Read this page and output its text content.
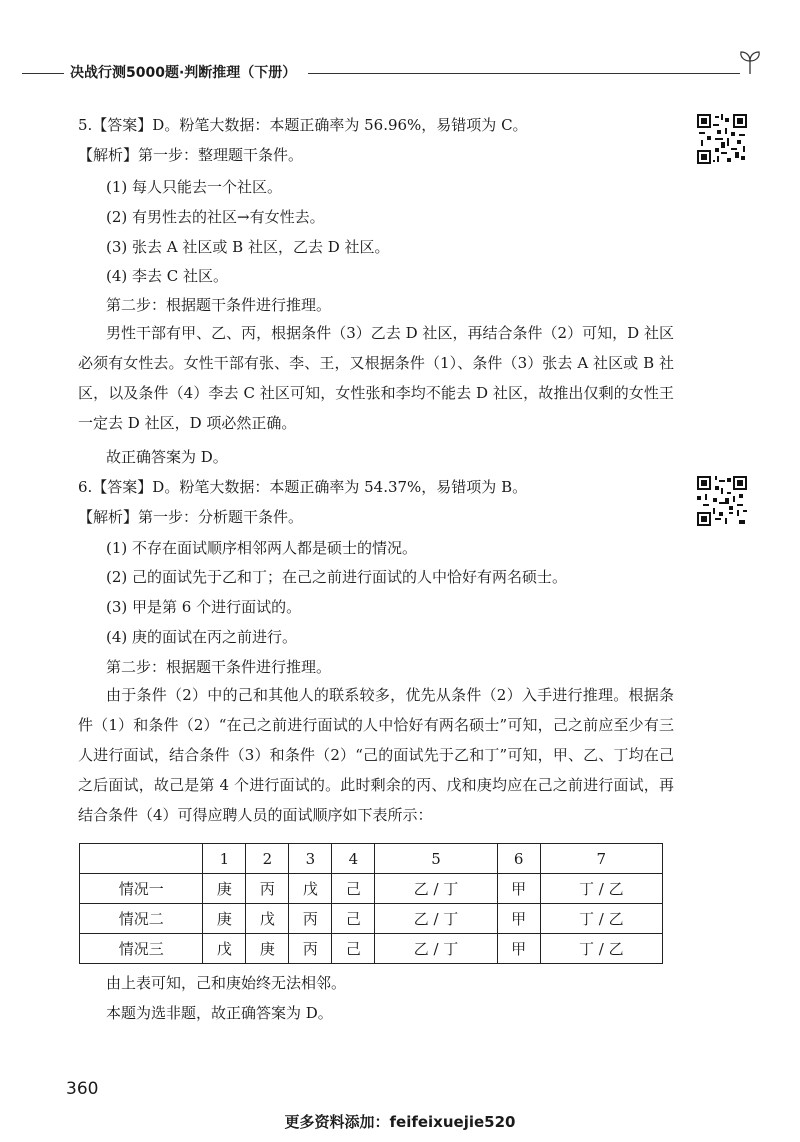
决战行测5000题·判断推理（下册）

5.【答案】D。粉笔大数据：本题正确率为 56.96%，易错项为 C。

【解析】第一步：整理题干条件。

(1) 每人只能去一个社区。

(2) 有男性去的社区→有女性去。

(3) 张去 A 社区或 B 社区，乙去 D 社区。

(4) 李去 C 社区。

第二步：根据题干条件进行推理。

男性干部有甲、乙、丙，根据条件（3）乙去 D 社区，再结合条件（2）可知，D 社区必须有女性去。女性干部有张、李、王，又根据条件（1）、条件（3）张去 A 社区或 B 社区，以及条件（4）李去 C 社区可知，女性张和李均不能去 D 社区，故推出仅剩的女性王一定去 D 社区，D 项必然正确。

故正确答案为 D。

6.【答案】D。粉笔大数据：本题正确率为 54.37%，易错项为 B。

【解析】第一步：分析题干条件。

(1) 不存在面试顺序相邻两人都是硕士的情况。

(2) 己的面试先于乙和丁；在己之前进行面试的人中恰好有两名硕士。

(3) 甲是第 6 个进行面试的。

(4) 庚的面试在丙之前进行。

第二步：根据题干条件进行推理。

由于条件（2）中的己和其他人的联系较多，优先从条件（2）入手进行推理。根据条件（1）和条件（2）“在己之前进行面试的人中恰好有两名硕士”可知，己之前应至少有三人进行面试，结合条件（3）和条件（2）“己的面试先于乙和丁”可知，甲、乙、丁均在己之后面试，故己是第 4 个进行面试的。此时剩余的丙、戊和庚均应在己之前进行面试，再结合条件（4）可得应聘人员的面试顺序如下表所示：

	1	2	3	4	5	6	7
情况一	庚	丙	戊	己	乙 / 丁	甲	丁 / 乙
情况二	庚	戊	丙	己	乙 / 丁	甲	丁 / 乙
情况三	戊	庚	丙	己	乙 / 丁	甲	丁 / 乙

由上表可知，己和庚始终无法相邻。

本题为选非题，故正确答案为 D。

360
更多资料添加：feifeixuejie520
